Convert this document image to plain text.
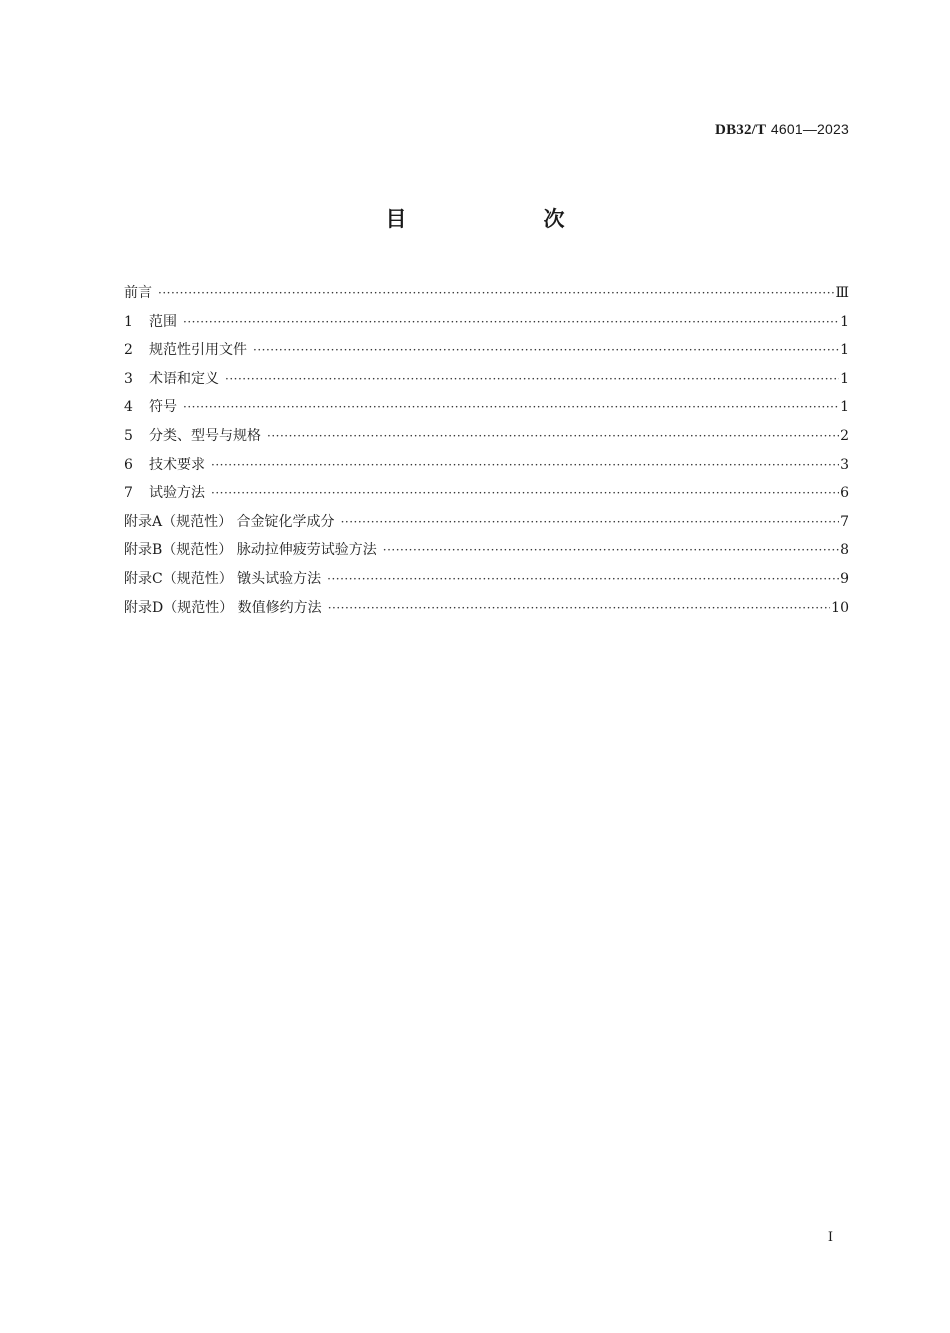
DB32/T 4601—2023
目　次
前言 ·····	Ⅲ
1	范围 ·····	1
2	规范性引用文件 ·····	1
3	术语和定义 ·····	1
4	符号 ·····	1
5	分类、型号与规格 ·····	2
6	技术要求 ·····	3
7	试验方法 ·····	6
附录A（规范性） 合金锭化学成分 ·····	7
附录B（规范性） 脉动拉伸疲劳试验方法 ·····	8
附录C（规范性） 镦头试验方法 ·····	9
附录D（规范性） 数值修约方法 ·····	10
I
